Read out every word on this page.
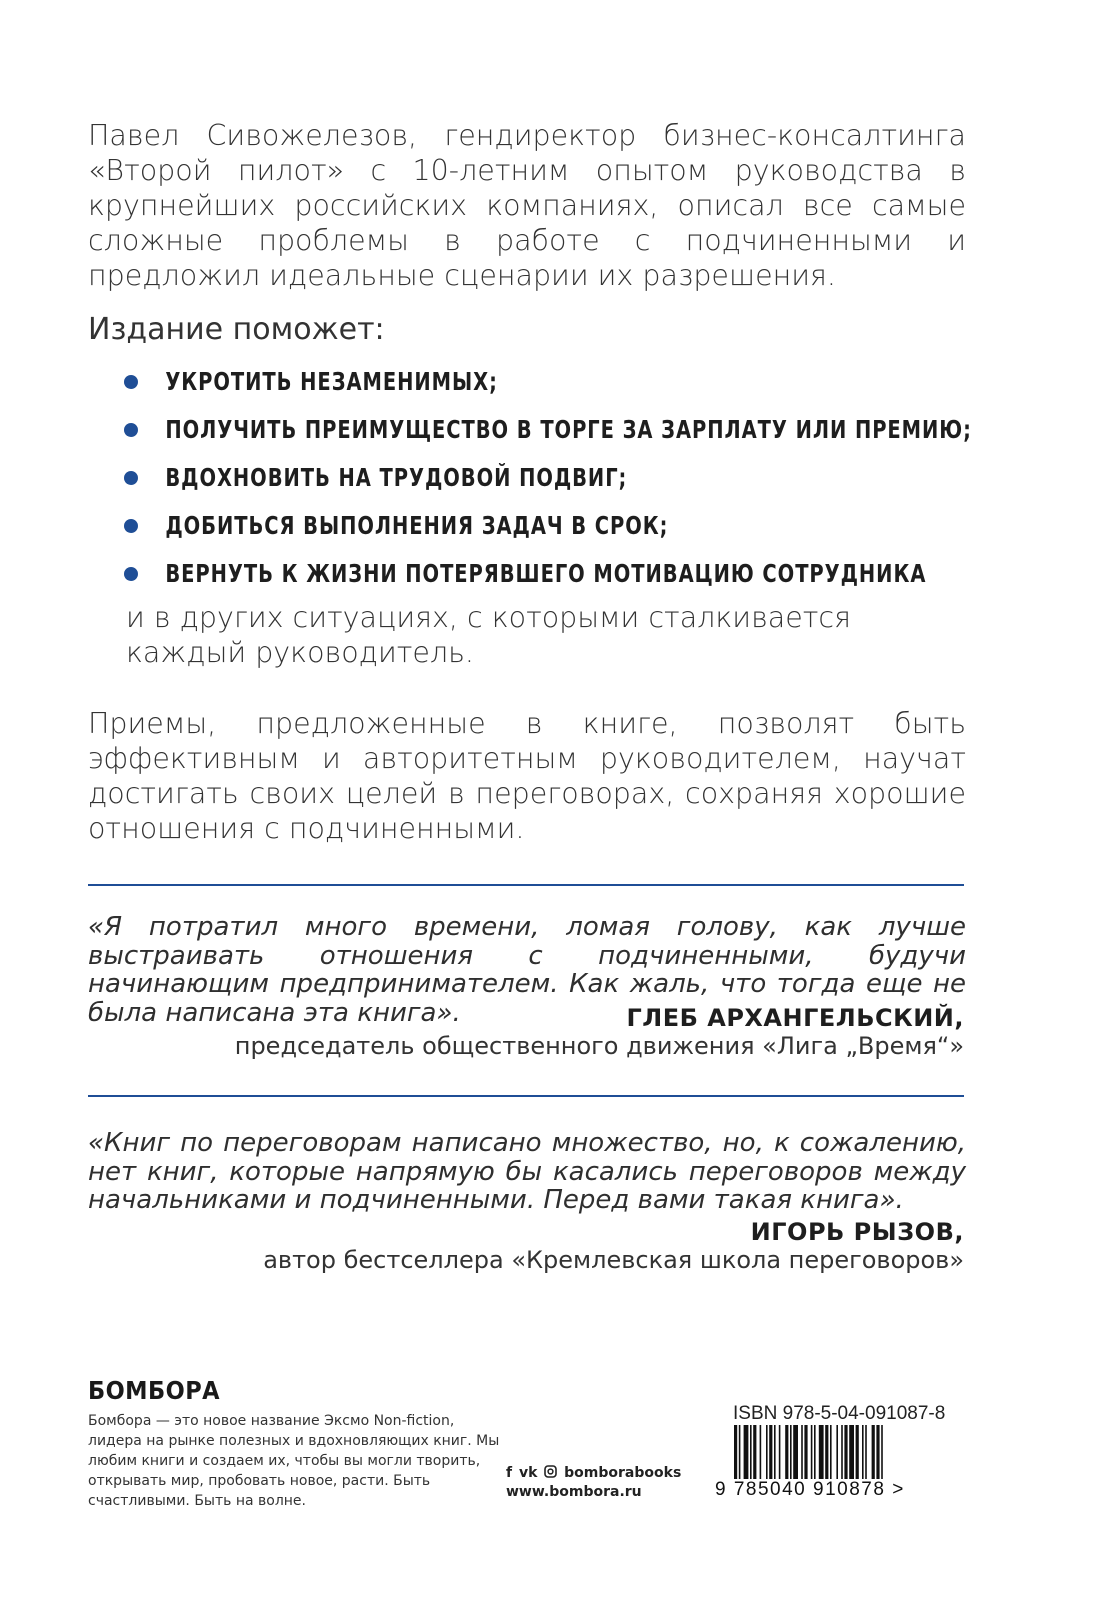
Павел Сивожелезов, гендиректор бизнес-консалтинга «Второй пилот» с 10-летним опытом руководства в крупнейших российских компаниях, описал все самые сложные проблемы в работе с подчиненными и предложил идеальные сценарии их разрешения.
Издание поможет:
УКРОТИТЬ НЕЗАМЕНИМЫХ;
ПОЛУЧИТЬ ПРЕИМУЩЕСТВО В ТОРГЕ ЗА ЗАРПЛАТУ ИЛИ ПРЕМИЮ;
ВДОХНОВИТЬ НА ТРУДОВОЙ ПОДВИГ;
ДОБИТЬСЯ ВЫПОЛНЕНИЯ ЗАДАЧ В СРОК;
ВЕРНУТЬ К ЖИЗНИ ПОТЕРЯВШЕГО МОТИВАЦИЮ СОТРУДНИКА
и в других ситуациях, с которыми сталкивается каждый руководитель.
Приемы, предложенные в книге, позволят быть эффективным и авторитетным руководителем, научат достигать своих целей в переговорах, сохраняя хорошие отношения с подчиненными.
«Я потратил много времени, ломая голову, как лучше выстраивать отношения с подчиненными, будучи начинающим предпринимателем. Как жаль, что тогда еще не была написана эта книга».	ГЛЕБ АРХАНГЕЛЬСКИЙ,
председатель общественного движения «Лига „Время“»
«Книг по переговорам написано множество, но, к сожалению, нет книг, которые напрямую бы касались переговоров между начальниками и подчиненными. Перед вами такая книга».
ИГОРЬ РЫЗОВ,
автор бестселлера «Кремлевская школа переговоров»
БОМБОРА
Бомбора — это новое название Эксмо Non-fiction, лидера на рынке полезных и вдохновляющих книг. Мы любим книги и создаем их, чтобы вы могли творить, открывать мир, пробовать новое, расти. Быть счастливыми. Быть на волне.
f vk bomborabooks
www.bombora.ru
ISBN 978-5-04-091087-8
9 785040 910878 >
